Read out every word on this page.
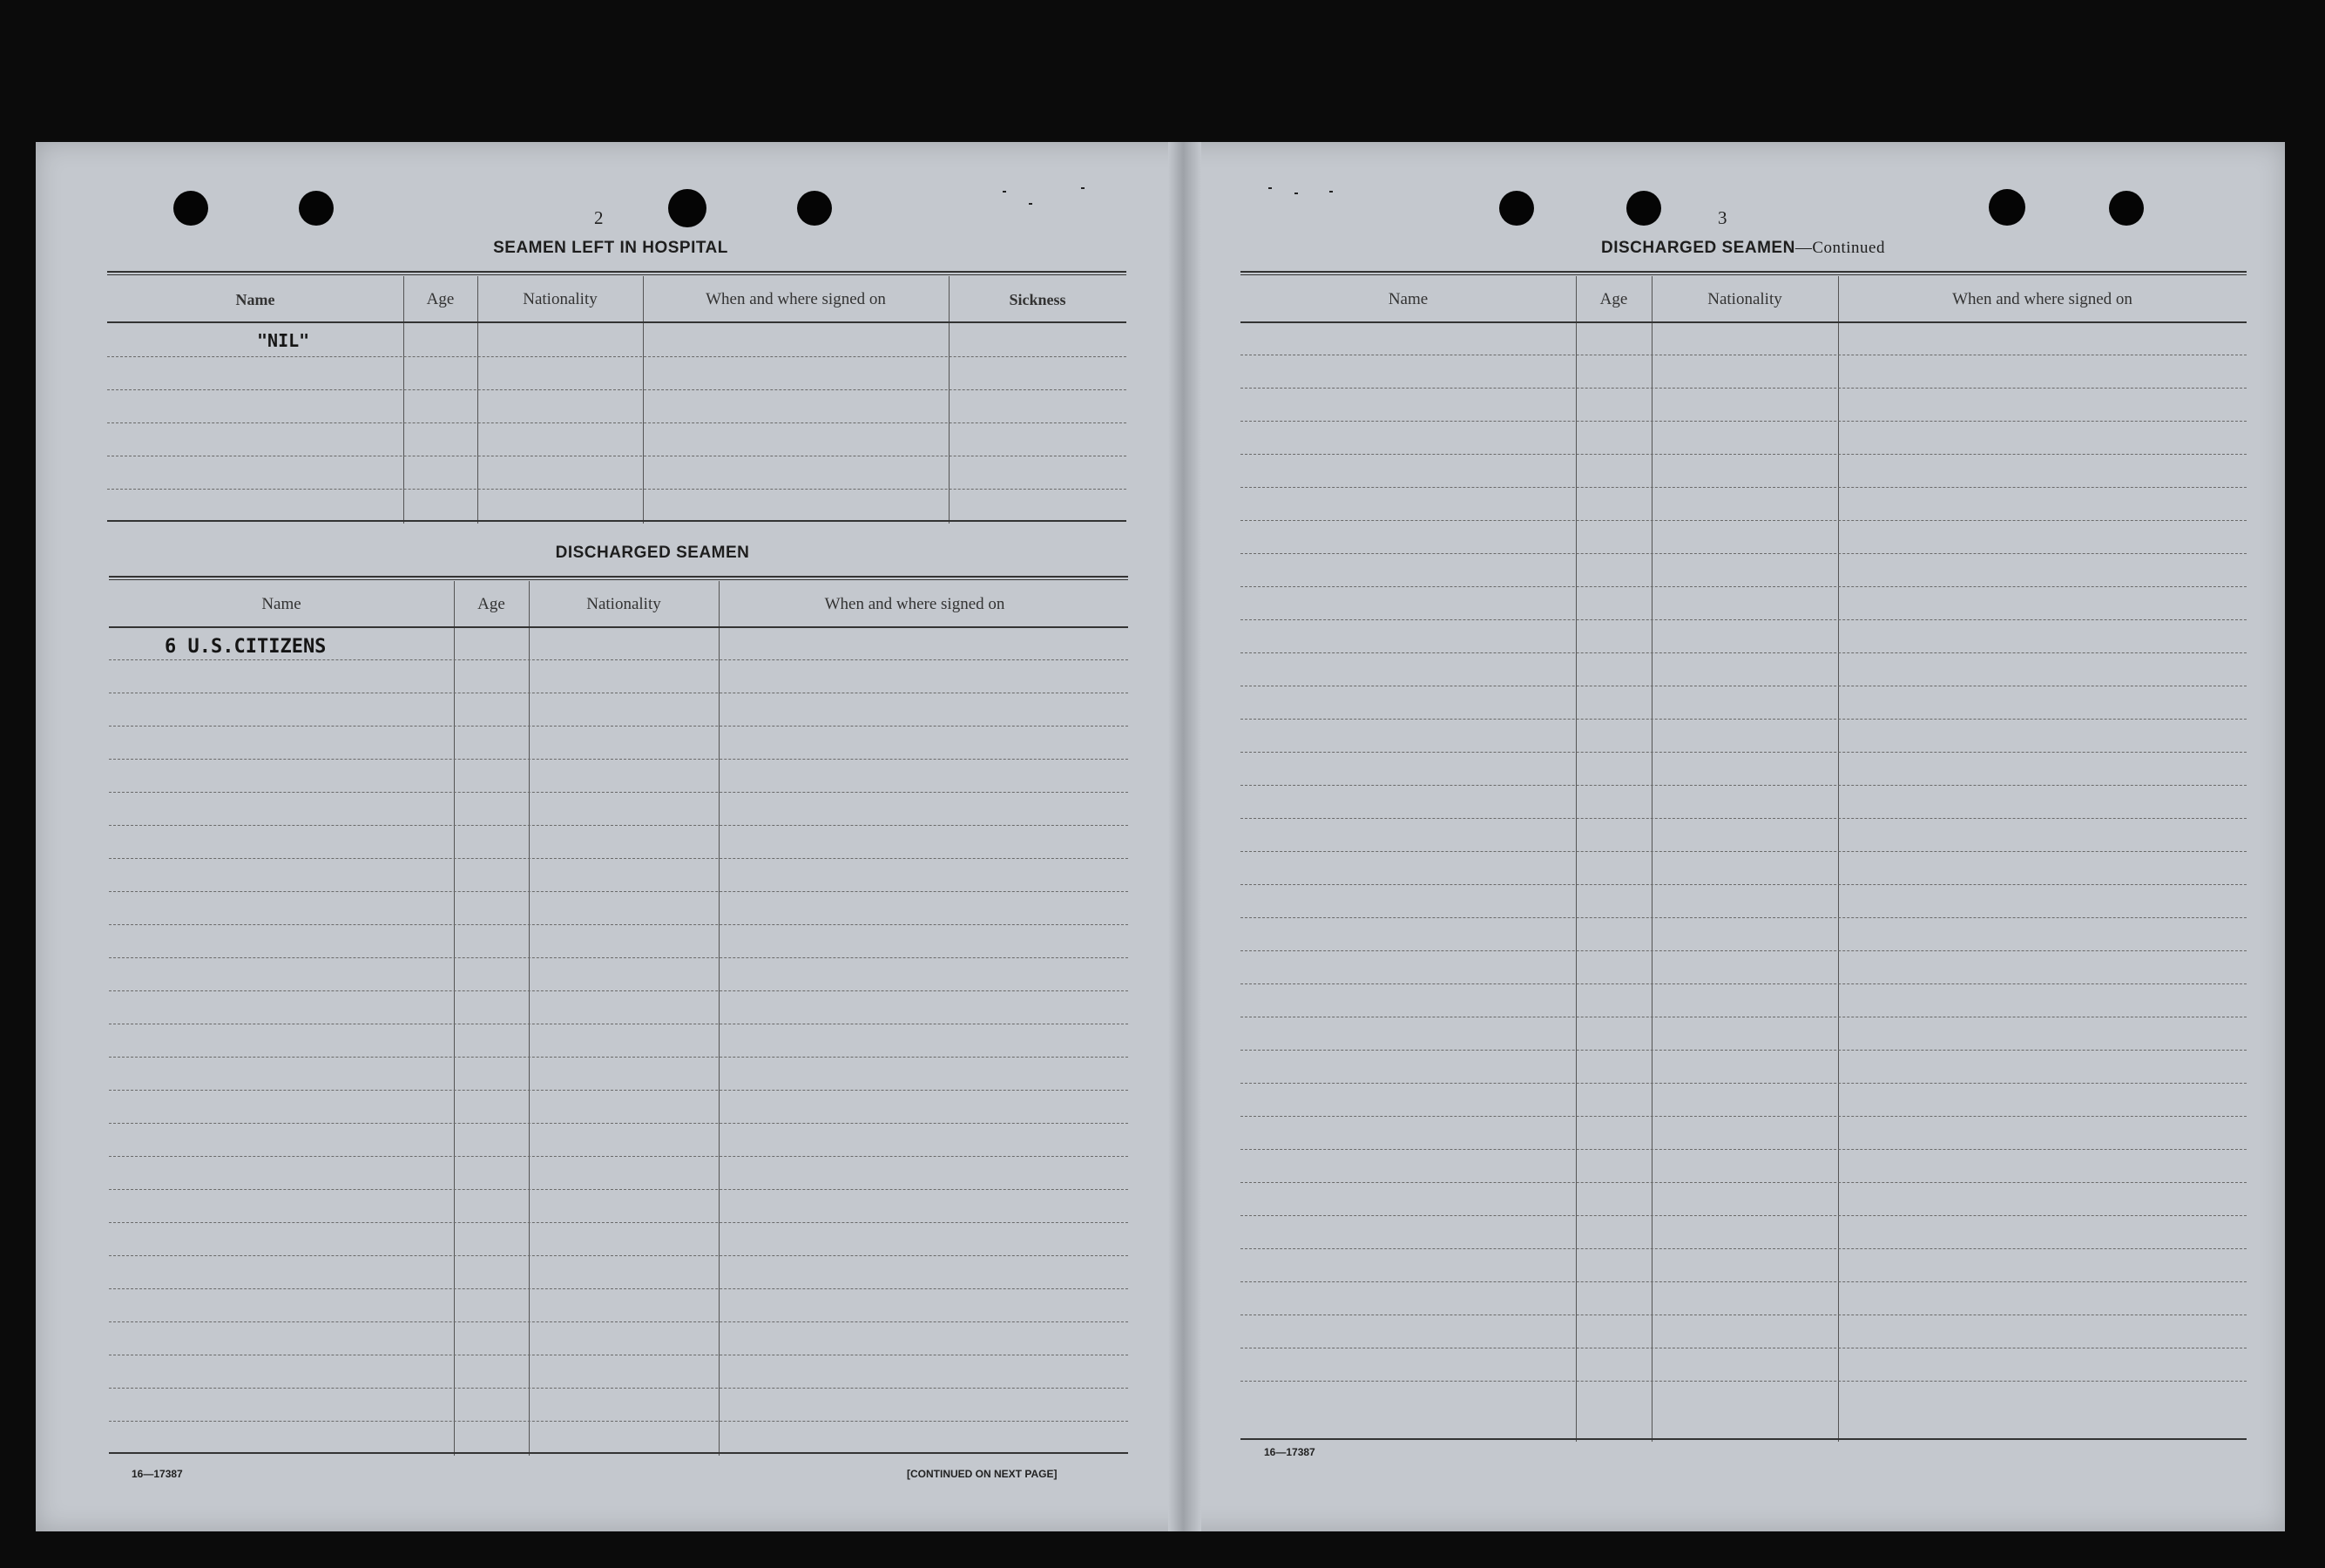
2
SEAMEN LEFT IN HOSPITAL
Name	Age	Nationality	When and where signed on	Sickness
"NIL"
DISCHARGED SEAMEN
Name	Age	Nationality	When and where signed on
6 U.S.CITIZENS
16—17387	[CONTINUED ON NEXT PAGE]
3
DISCHARGED SEAMEN—Continued
Name	Age	Nationality	When and where signed on
16—17387
